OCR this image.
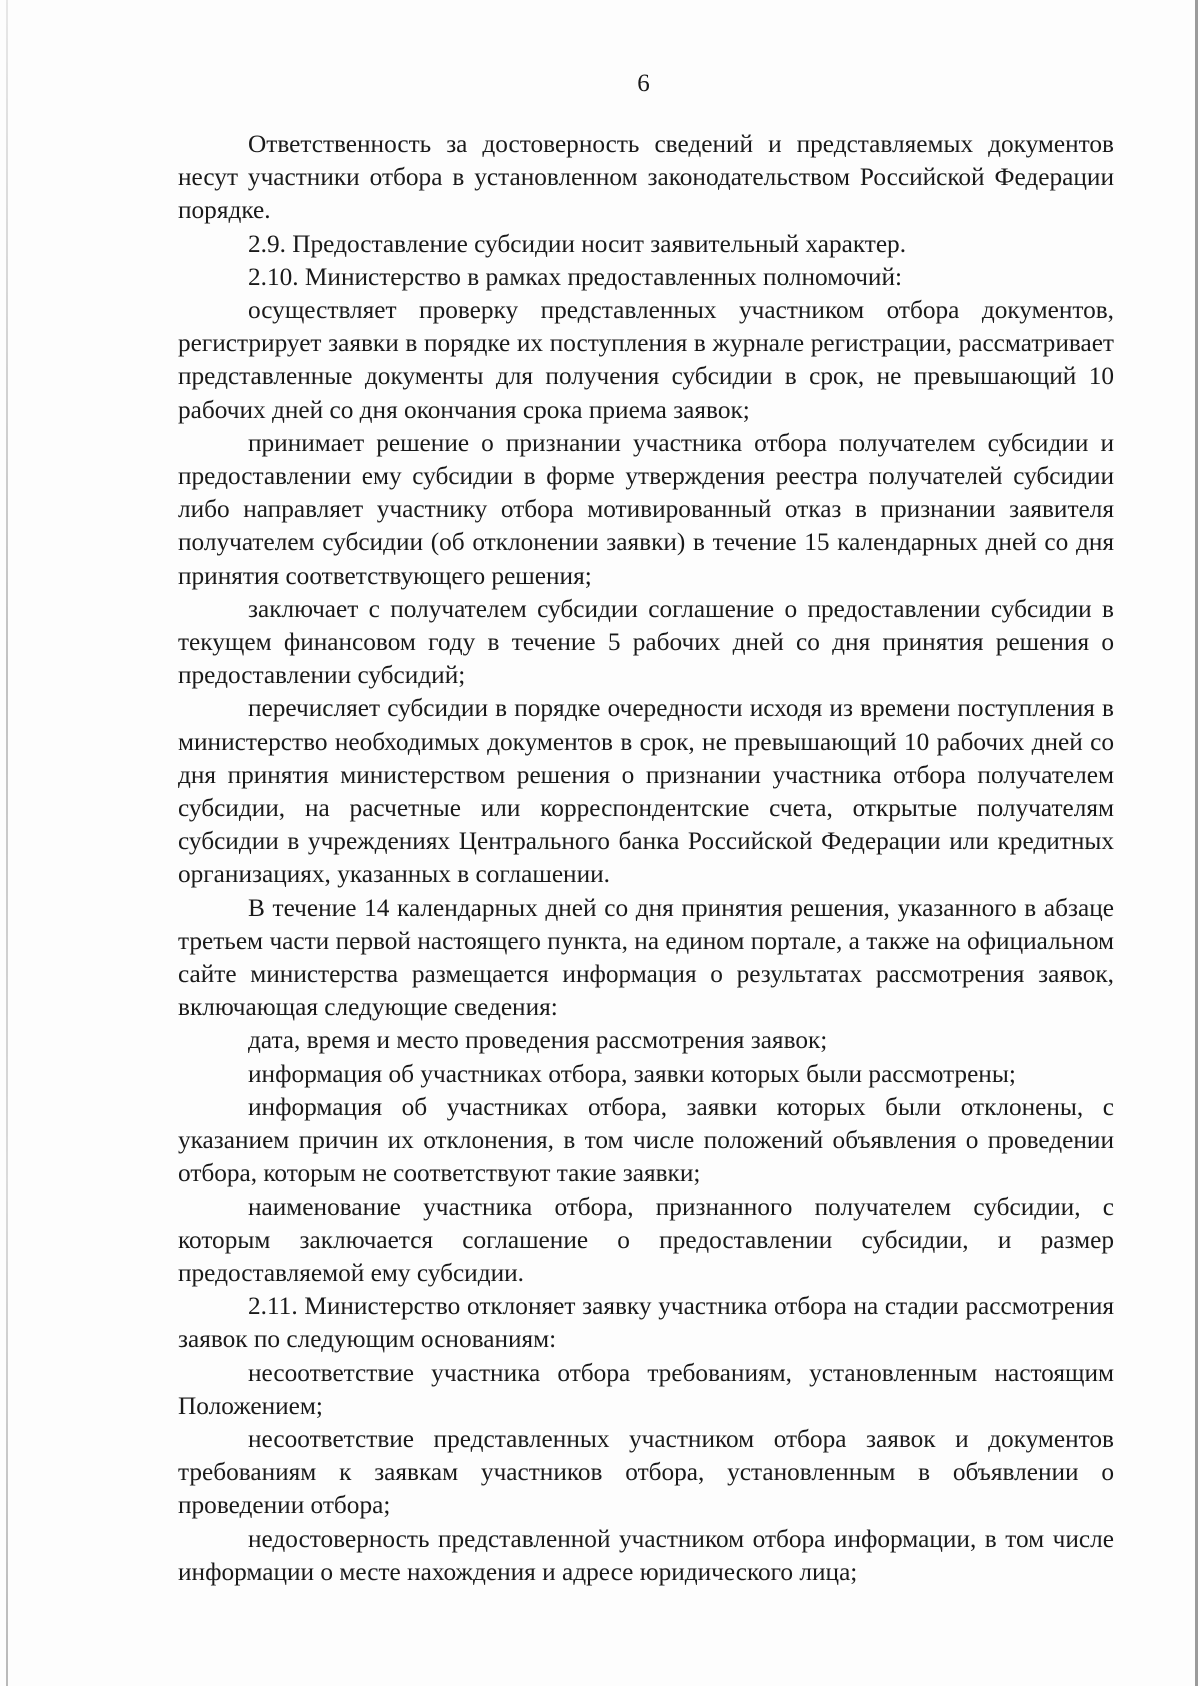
6

Ответственность за достоверность сведений и представляемых документов несут участники отбора в установленном законодательством Российской Федерации порядке.

2.9. Предоставление субсидии носит заявительный характер.

2.10. Министерство в рамках предоставленных полномочий:

осуществляет проверку представленных участником отбора документов, регистрирует заявки в порядке их поступления в журнале регистрации, рассматривает представленные документы для получения субсидии в срок, не превышающий 10 рабочих дней со дня окончания срока приема заявок;

принимает решение о признании участника отбора получателем субсидии и предоставлении ему субсидии в форме утверждения реестра получателей субсидии либо направляет участнику отбора мотивированный отказ в признании заявителя получателем субсидии (об отклонении заявки) в течение 15 календарных дней со дня принятия соответствующего решения;

заключает с получателем субсидии соглашение о предоставлении субсидии в текущем финансовом году в течение 5 рабочих дней со дня принятия решения о предоставлении субсидий;

перечисляет субсидии в порядке очередности исходя из времени поступления в министерство необходимых документов в срок, не превышающий 10 рабочих дней со дня принятия министерством решения о признании участника отбора получателем субсидии, на расчетные или корреспондентские счета, открытые получателям субсидии в учреждениях Центрального банка Российской Федерации или кредитных организациях, указанных в соглашении.

В течение 14 календарных дней со дня принятия решения, указанного в абзаце третьем части первой настоящего пункта, на едином портале, а также на официальном сайте министерства размещается информация о результатах рассмотрения заявок, включающая следующие сведения:

дата, время и место проведения рассмотрения заявок;

информация об участниках отбора, заявки которых были рассмотрены;

информация об участниках отбора, заявки которых были отклонены, с указанием причин их отклонения, в том числе положений объявления о проведении отбора, которым не соответствуют такие заявки;

наименование участника отбора, признанного получателем субсидии, с которым заключается соглашение о предоставлении субсидии, и размер предоставляемой ему субсидии.

2.11. Министерство отклоняет заявку участника отбора на стадии рассмотрения заявок по следующим основаниям:

несоответствие участника отбора требованиям, установленным настоящим Положением;

несоответствие представленных участником отбора заявок и документов требованиям к заявкам участников отбора, установленным в объявлении о проведении отбора;

недостоверность представленной участником отбора информации, в том числе информации о месте нахождения и адресе юридического лица;
